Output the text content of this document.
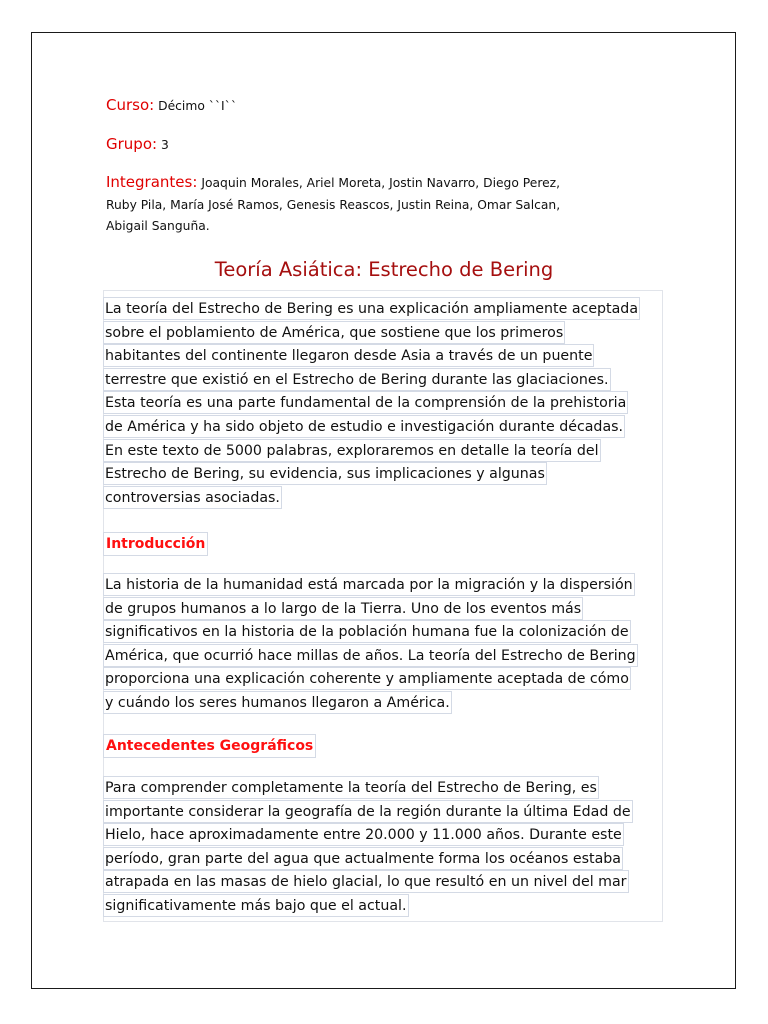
Curso: Décimo ``I``
Grupo: 3
Integrantes: Joaquin Morales, Ariel Moreta, Jostin Navarro, Diego Perez,
Ruby Pila, María José Ramos, Genesis Reascos, Justin Reina, Omar Salcan,
Abigail Sanguña.
Teoría Asiática: Estrecho de Bering
La teoría del Estrecho de Bering es una explicación ampliamente aceptada
sobre el poblamiento de América, que sostiene que los primeros
habitantes del continente llegaron desde Asia a través de un puente
terrestre que existió en el Estrecho de Bering durante las glaciaciones.
Esta teoría es una parte fundamental de la comprensión de la prehistoria
de América y ha sido objeto de estudio e investigación durante décadas.
En este texto de 5000 palabras, exploraremos en detalle la teoría del
Estrecho de Bering, su evidencia, sus implicaciones y algunas
controversias asociadas.
Introducción
La historia de la humanidad está marcada por la migración y la dispersión
de grupos humanos a lo largo de la Tierra. Uno de los eventos más
significativos en la historia de la población humana fue la colonización de
América, que ocurrió hace millas de años. La teoría del Estrecho de Bering
proporciona una explicación coherente y ampliamente aceptada de cómo
y cuándo los seres humanos llegaron a América.
Antecedentes Geográficos
Para comprender completamente la teoría del Estrecho de Bering, es
importante considerar la geografía de la región durante la última Edad de
Hielo, hace aproximadamente entre 20.000 y 11.000 años. Durante este
período, gran parte del agua que actualmente forma los océanos estaba
atrapada en las masas de hielo glacial, lo que resultó en un nivel del mar
significativamente más bajo que el actual.
